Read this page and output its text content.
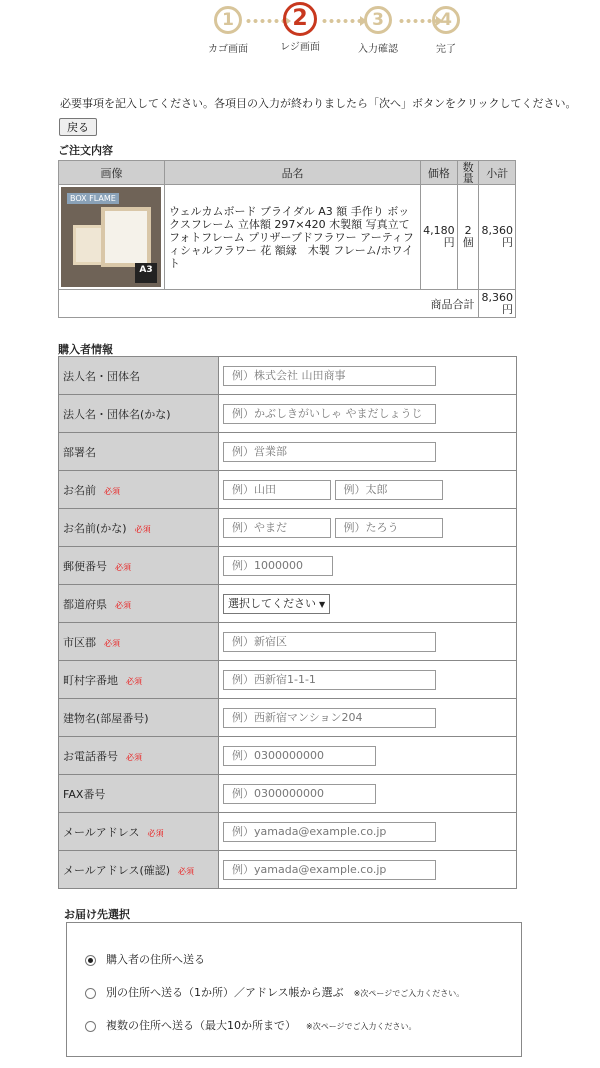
1
カゴ画面
2
レジ画面
3
入力確認
4
完了
必要事項を記入してください。各項目の入力が終わりましたら「次へ」ボタンをクリックしてください。
戻る
ご注文内容
画像	品名	価格	数量	小計

BOX FLAME
A3	ウェルカムボード ブライダル A3 額 手作り ボックスフレーム 立体額 297×420 木製額 写真立て フォトフレーム プリザーブドフラワー アーティフィシャルフラワー 花 額縁　木製 フレーム/ホワイト	4,180円	2個	8,360円
商品合計				8,360円
購入者情報
法人名・団体名	例）株式会社 山田商事
法人名・団体名(かな)	例）かぶしきがいしゃ やまだしょうじ
部署名	例）営業部
お名前 必須	例）山田 例）太郎
お名前(かな) 必須	例）やまだ 例）たろう
郵便番号 必須	例）1000000
都道府県 必須	選択してください ▼
市区郡 必須	例）新宿区
町村字番地 必須	例）西新宿1-1-1
建物名(部屋番号)	例）西新宿マンション204
お電話番号 必須	例）0300000000
FAX番号	例）0300000000
メールアドレス 必須	例）yamada@example.co.jp
メールアドレス(確認) 必須	例）yamada@example.co.jp
お届け先選択
購入者の住所へ送る
別の住所へ送る（1か所）／アドレス帳から選ぶ ※次ページでご入力ください。
複数の住所へ送る（最大10か所まで） ※次ページでご入力ください。
